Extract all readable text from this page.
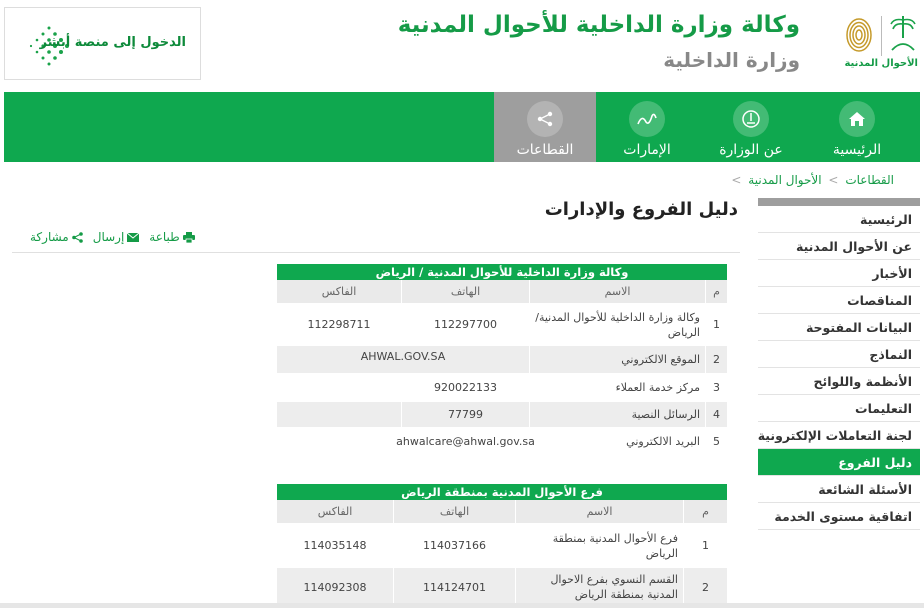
الدخول إلى منصة أبشر
وكالة وزارة الداخلية للأحوال المدنية
وزارة الداخلية	الأحوال المدنية
الرئيسية
عن الوزارة
الإمارات
القطاعات
القطاعات > الأحوال المدنية >
دليل الفروع والإدارات
طباعة
إرسال
مشاركة
الرئيسية
عن الأحوال المدنية
الأخبار
المناقصات
البيانات المفتوحة
النماذج
الأنظمة واللوائح
التعليمات
لجنة التعاملات الإلكترونية
دليل الفروع
الأسئلة الشائعة
اتفاقية مستوى الخدمة
وكالة وزارة الداخلية للأحوال المدنية / الرياض
م
الاسم
الهاتف
الفاكس
1
وكالة وزارة الداخلية للأحوال المدنية/ الرياض
112297700
112298711
2
الموقع الالكتروني
AHWAL.GOV.SA
3
مركز خدمة العملاء
920022133
4
الرسائل النصية
77799
5
البريد الالكتروني
ahwalcare@ahwal.gov.sa
فرع الأحوال المدنية بمنطقة الرياض
م
الاسم
الهاتف
الفاكس
1
فرع الأحوال المدنية بمنطقة الرياض
114037166
114035148
2
القسم النسوي بفرع الاحوال المدنية بمنطقة الرياض
114124701
114092308
